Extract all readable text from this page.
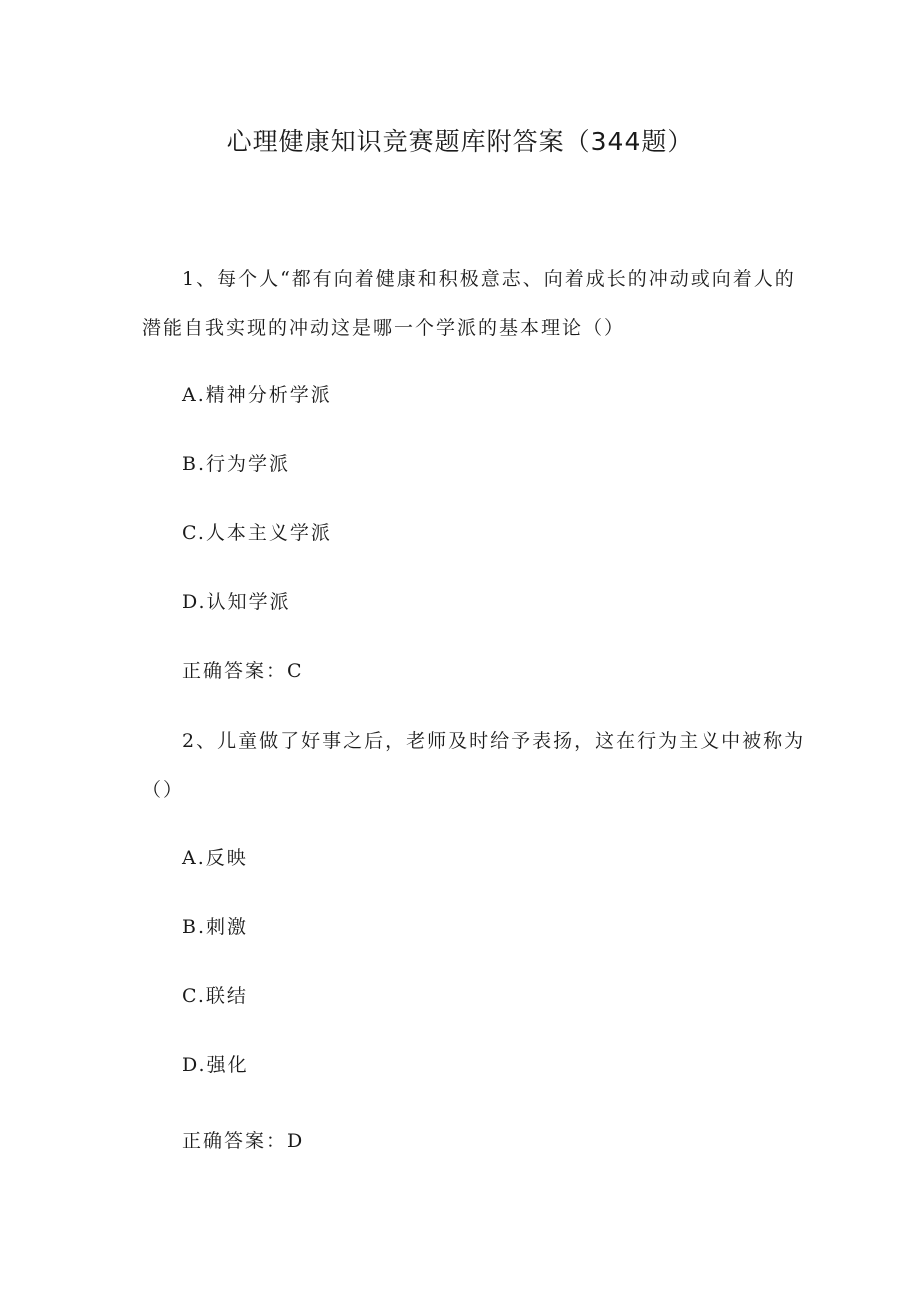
心理健康知识竞赛题库附答案（344题）

1、每个人“都有向着健康和积极意志、向着成长的冲动或向着人的

潜能自我实现的冲动这是哪一个学派的基本理论（）

A.精神分析学派

B.行为学派

C.人本主义学派

D.认知学派

正确答案：C

2、儿童做了好事之后，老师及时给予表扬，这在行为主义中被称为

（）

A.反映

B.刺激

C.联结

D.强化

正确答案：D
